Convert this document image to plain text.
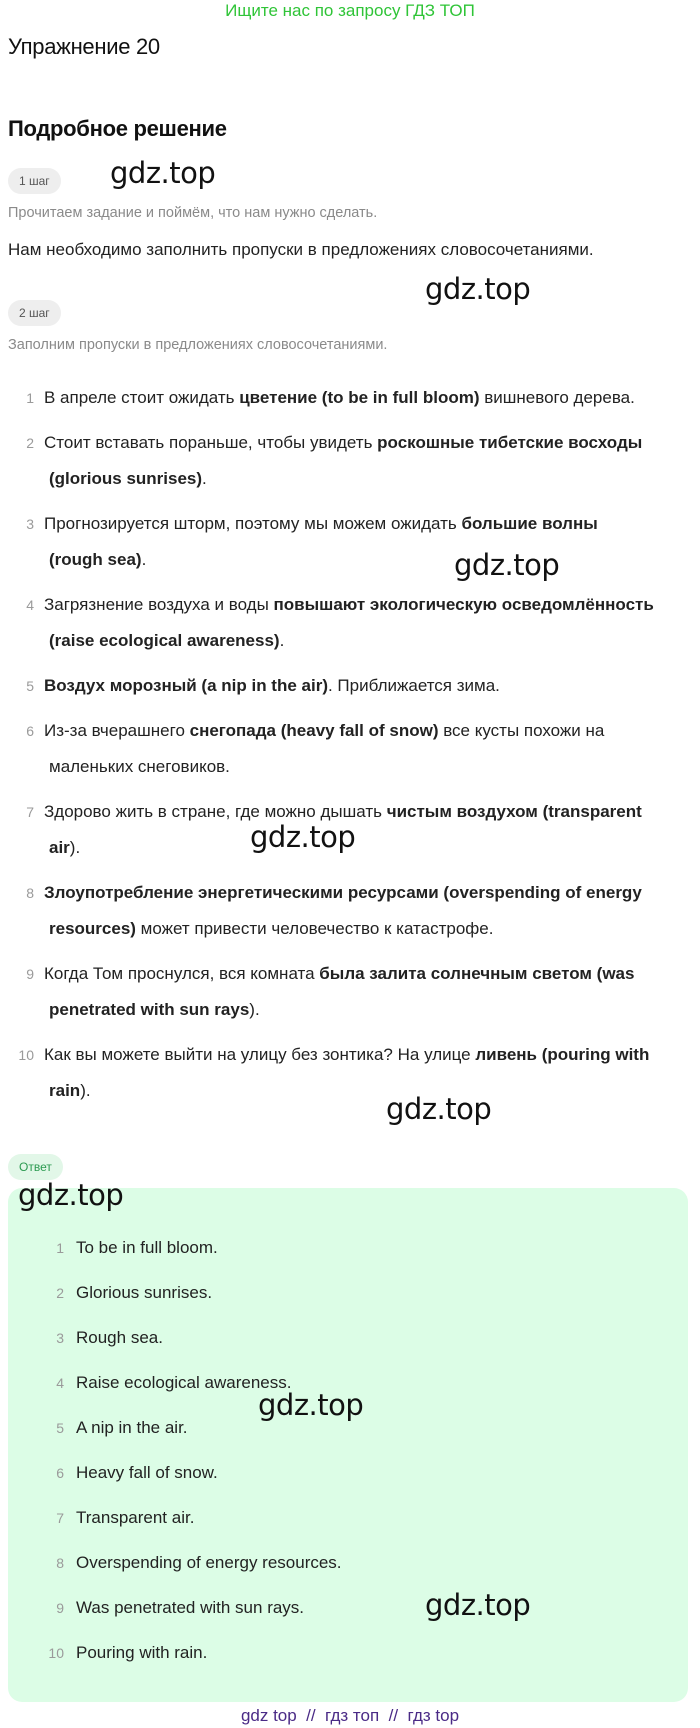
Ищите нас по запросу ГДЗ ТОП
Упражнение 20
Подробное решение
1 шаг	gdz.top
Прочитаем задание и поймём, что нам нужно сделать.
Нам необходимо заполнить пропуски в предложениях словосочетаниями.
gdz.top
2 шаг
Заполним пропуски в предложениях словосочетаниями.
1 В апреле стоит ожидать цветение (to be in full bloom) вишневого дерева.
2 Стоит вставать пораньше, чтобы увидеть роскошные тибетские восходы
(glorious sunrises).
3 Прогнозируется шторм, поэтому мы можем ожидать большие волны
(rough sea).
4 Загрязнение воздуха и воды повышают экологическую осведомлённость
(raise ecological awareness).
5 Воздух морозный (a nip in the air). Приближается зима.
6 Из-за вчерашнего снегопада (heavy fall of snow) все кусты похожи на
маленьких снеговиков.
7 Здорово жить в стране, где можно дышать чистым воздухом (transparent
air).
8 Злоупотребление энергетическими ресурсами (overspending of energy
resources) может привести человечество к катастрофе.
9 Когда Том проснулся, вся комната была залита солнечным светом (was
penetrated with sun rays).
10 Как вы можете выйти на улицу без зонтика? На улице ливень (pouring with
rain).
gdz.top
gdz.top
gdz.top
Ответ
gdz.top
1 To be in full bloom.
2 Glorious sunrises.
3 Rough sea.
4 Raise ecological awareness.
gdz.top
5 A nip in the air.
6 Heavy fall of snow.
7 Transparent air.
8 Overspending of energy resources.
9 Was penetrated with sun rays.	gdz.top
10 Pouring with rain.
gdz top  //  гдз топ  //  гдз top
